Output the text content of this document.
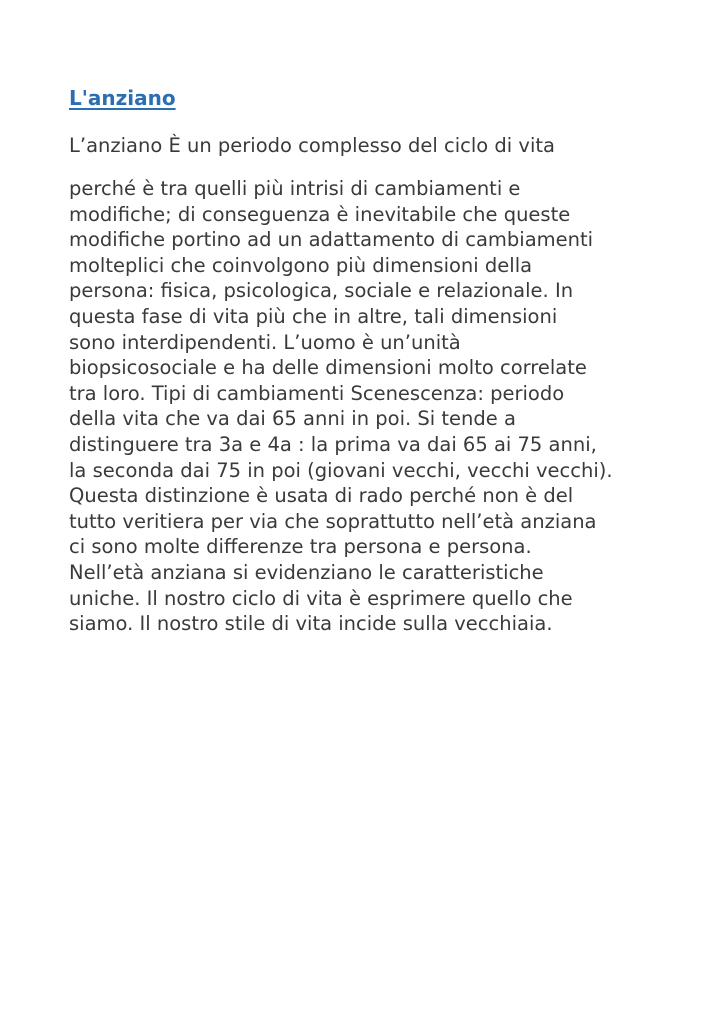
L'anziano
L’anziano È un periodo complesso del ciclo di vita

perché è tra quelli più intrisi di cambiamenti e
modifiche; di conseguenza è inevitabile che queste
modifiche portino ad un adattamento di cambiamenti
molteplici che coinvolgono più dimensioni della
persona: fisica, psicologica, sociale e relazionale. In
questa fase di vita più che in altre, tali dimensioni
sono interdipendenti. L’uomo è un’unità
biopsicosociale e ha delle dimensioni molto correlate
tra loro. Tipi di cambiamenti Scenescenza: periodo
della vita che va dai 65 anni in poi. Si tende a
distinguere tra 3a e 4a : la prima va dai 65 ai 75 anni,
la seconda dai 75 in poi (giovani vecchi, vecchi vecchi).
Questa distinzione è usata di rado perché non è del
tutto veritiera per via che soprattutto nell’età anziana
ci sono molte differenze tra persona e persona.
Nell’età anziana si evidenziano le caratteristiche
uniche. Il nostro ciclo di vita è esprimere quello che
siamo. Il nostro stile di vita incide sulla vecchiaia.
